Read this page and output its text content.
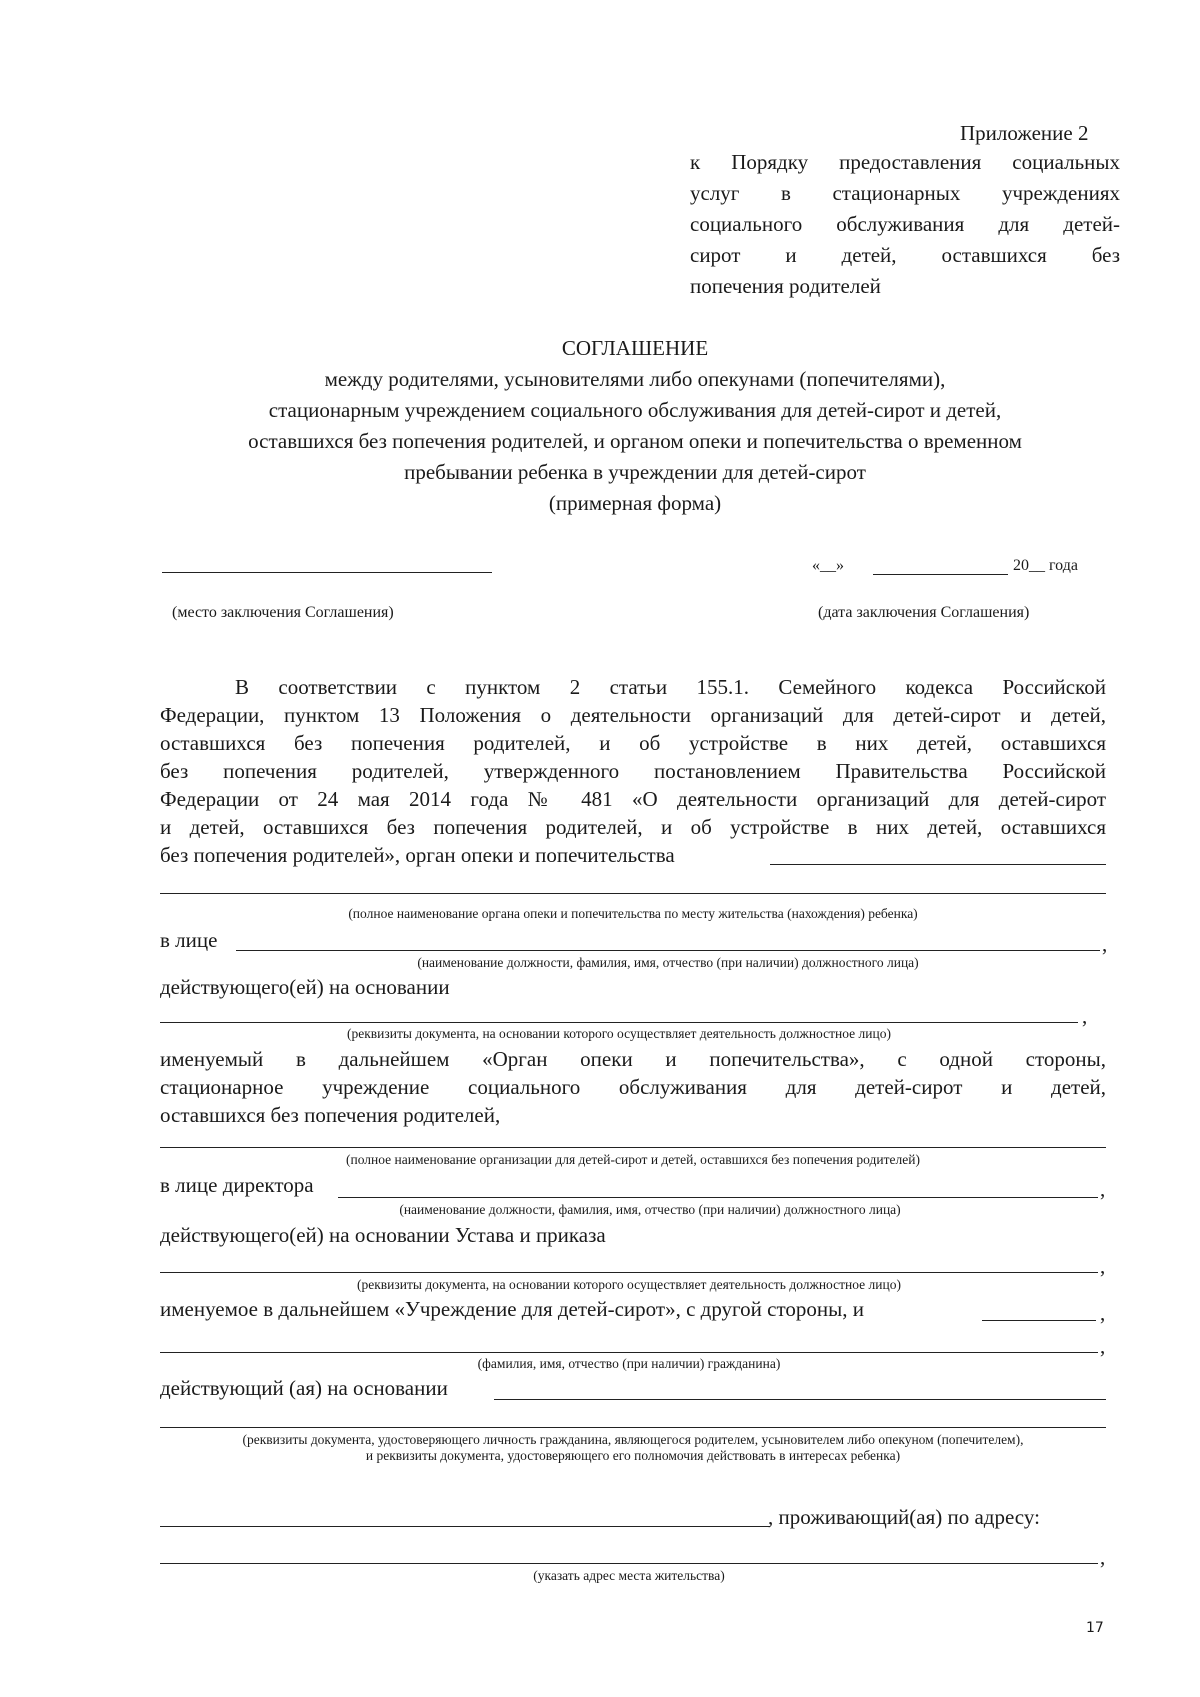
Приложение 2
к Порядку предоставления социальных
услуг в стационарных учреждениях
социального обслуживания для детей-
сирот и детей, оставшихся без
попечения родителей
СОГЛАШЕНИЕ
между родителями, усыновителями либо опекунами (попечителями),
стационарным учреждением социального обслуживания для детей-сирот и детей,
оставшихся без попечения родителей, и органом опеки и попечительства о временном
пребывании ребенка в учреждении для детей-сирот
(примерная форма)
«__»	20__ года
(место заключения Соглашения)	(дата заключения Соглашения)
В соответствии с пунктом 2 статьи 155.1. Семейного кодекса Российской
Федерации, пунктом 13 Положения о деятельности организаций для детей-сирот и детей,
оставшихся без попечения родителей, и об устройстве в них детей, оставшихся
без попечения родителей, утвержденного постановлением Правительства Российской
Федерации от 24 мая 2014 года № 481 «О деятельности организаций для детей-сирот
и детей, оставшихся без попечения родителей, и об устройстве в них детей, оставшихся
без попечения родителей», орган опеки и попечительства
(полное наименование органа опеки и попечительства по месту жительства (нахождения) ребенка)
в лице	,
(наименование должности, фамилия, имя, отчество (при наличии) должностного лица)
действующего(ей) на основании
,
(реквизиты документа, на основании которого осуществляет деятельность должностное лицо)
именуемый в дальнейшем «Орган опеки и попечительства», с одной стороны,
стационарное учреждение социального обслуживания для детей-сирот и детей,
оставшихся без попечения родителей,
(полное наименование организации для детей-сирот и детей, оставшихся без попечения родителей)
в лице директора	,
(наименование должности, фамилия, имя, отчество (при наличии) должностного лица)
действующего(ей) на основании Устава и приказа
,
(реквизиты документа, на основании которого осуществляет деятельность должностное лицо)
именуемое в дальнейшем «Учреждение для детей-сирот», с другой стороны, и	,
,
(фамилия, имя, отчество (при наличии) гражданина)
действующий (ая) на основании
(реквизиты документа, удостоверяющего личность гражданина, являющегося родителем, усыновителем либо опекуном (попечителем),
и реквизиты документа, удостоверяющего его полномочия действовать в интересах ребенка)
, проживающий(ая) по адресу:
,
(указать адрес места жительства)
17
